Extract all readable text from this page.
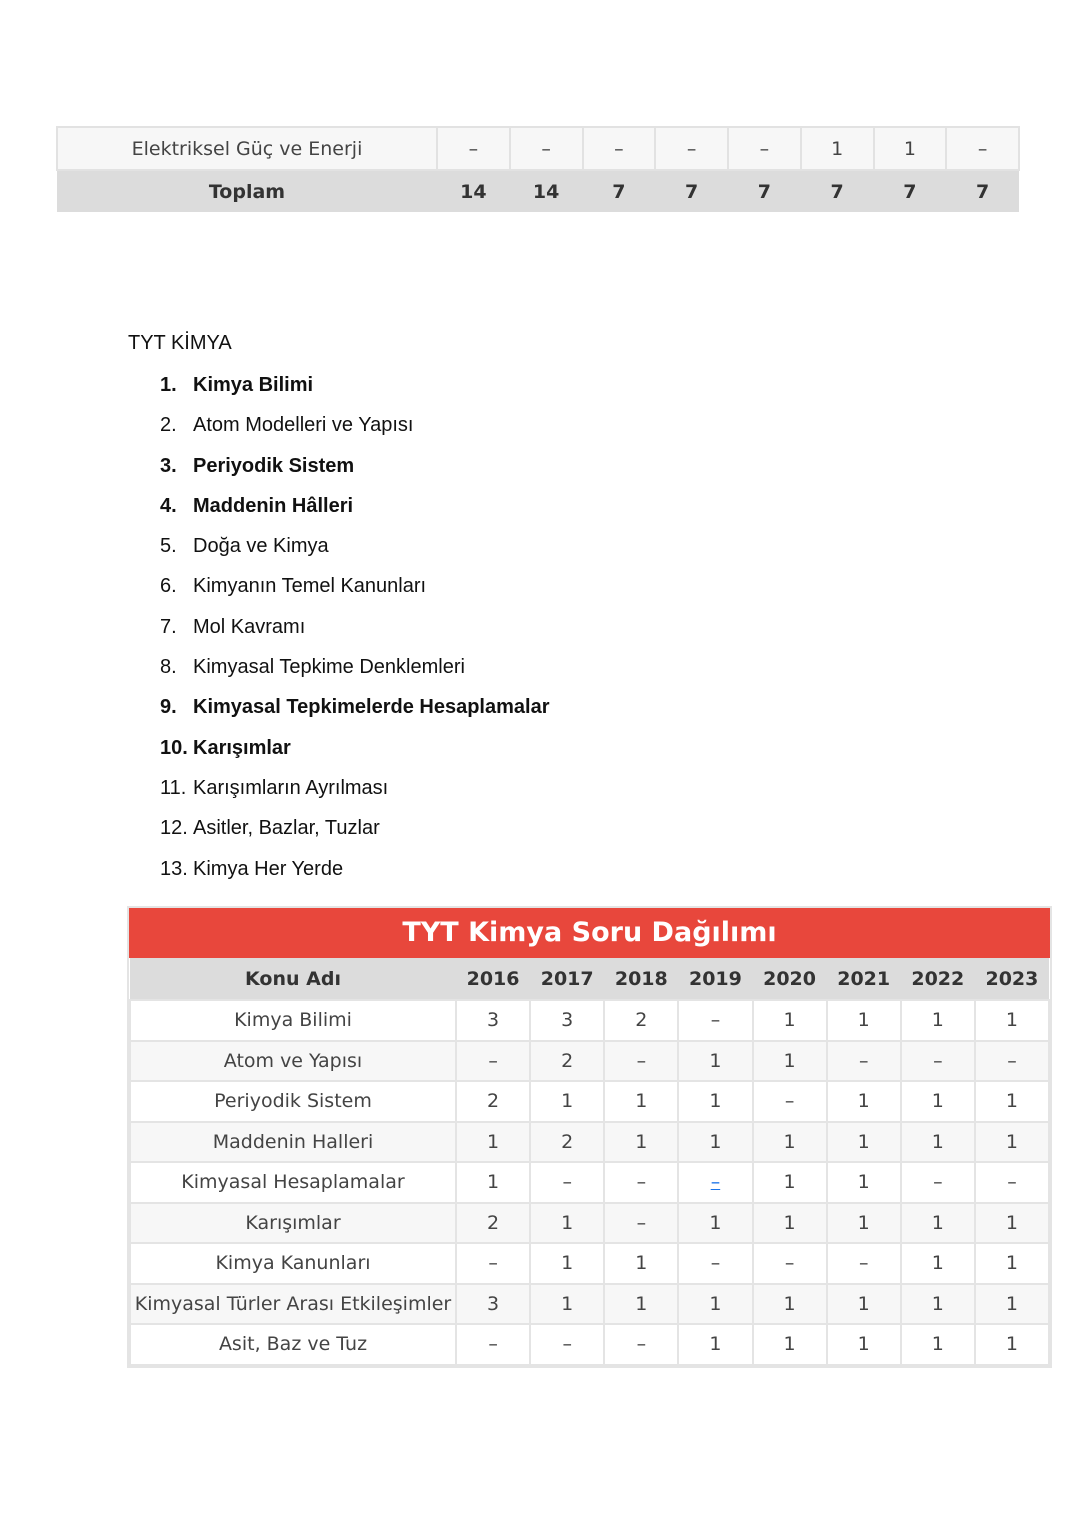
Elektriksel Güç ve Enerji	–	–	–	–	–	1	1	–
Toplam	14	14	7	7	7	7	7	7
TYT KİMYA
1. Kimya Bilimi
2. Atom Modelleri ve Yapısı
3. Periyodik Sistem
4. Maddenin Hâlleri
5. Doğa ve Kimya
6. Kimyanın Temel Kanunları
7. Mol Kavramı
8. Kimyasal Tepkime Denklemleri
9. Kimyasal Tepkimelerde Hesaplamalar
10. Karışımlar
11. Karışımların Ayrılması
12. Asitler, Bazlar, Tuzlar
13. Kimya Her Yerde
TYT Kimya Soru Dağılımı
Konu Adı	2016	2017	2018	2019	2020	2021	2022	2023
Kimya Bilimi	3	3	2	–	1	1	1	1
Atom ve Yapısı	–	2	–	1	1	–	–	–
Periyodik Sistem	2	1	1	1	–	1	1	1
Maddenin Halleri	1	2	1	1	1	1	1	1
Kimyasal Hesaplamalar	1	–	–	–	1	1	–	–
Karışımlar	2	1	–	1	1	1	1	1
Kimya Kanunları	–	1	1	–	–	–	1	1
Kimyasal Türler Arası Etkileşimler	3	1	1	1	1	1	1	1
Asit, Baz ve Tuz	–	–	–	1	1	1	1	1
